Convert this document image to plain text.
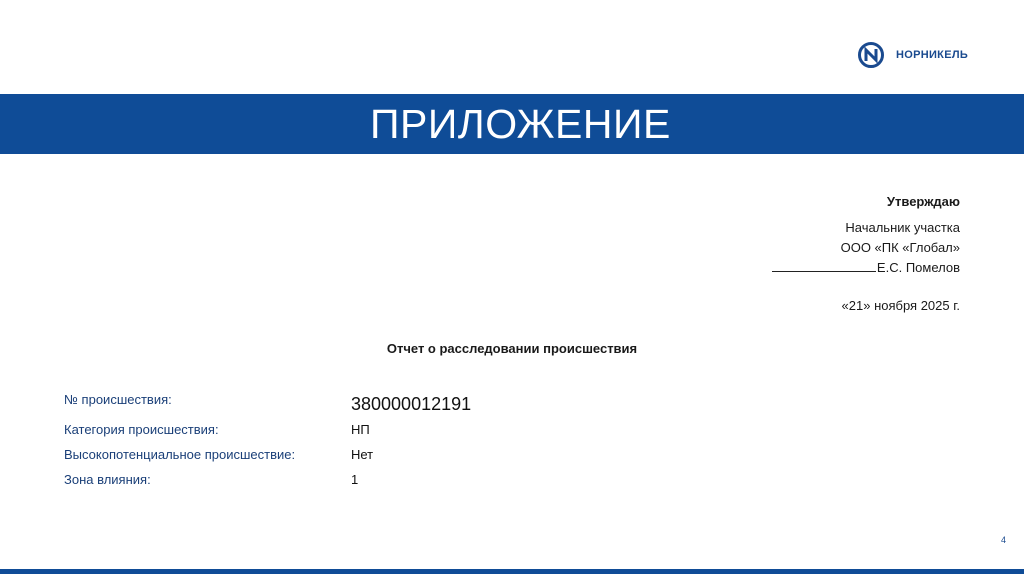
НОРНИКЕЛЬ
ПРИЛОЖЕНИЕ
Утверждаю
Начальник участка
ООО «ПК «Глобал»
Е.С. Помелов
«21» ноября 2025 г.
Отчет о расследовании происшествия
№ происшествия:	380000012191
Категория происшествия:	НП
Высокопотенциальное происшествие:	Нет
Зона влияния:	1
4
